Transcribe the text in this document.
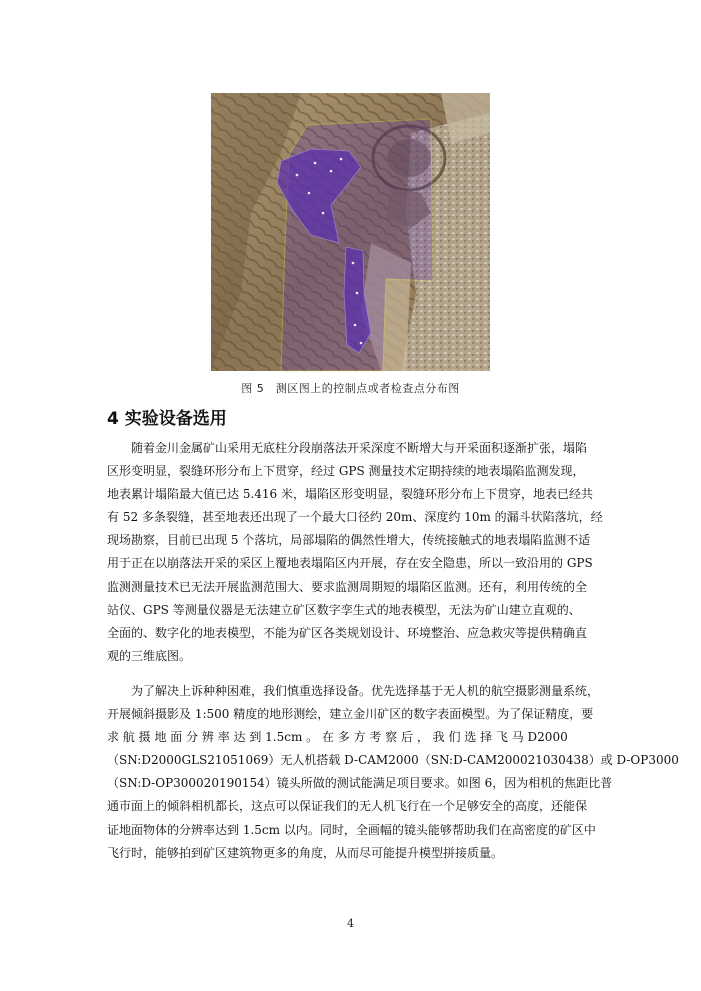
图 5　测区图上的控制点或者检查点分布图
4 实验设备选用
随着金川金属矿山采用无底柱分段崩落法开采深度不断增大与开采面积逐渐扩张，塌陷
区形变明显，裂缝环形分布上下贯穿，经过 GPS 测量技术定期持续的地表塌陷监测发现，
地表累计塌陷最大值已达 5.416 米，塌陷区形变明显，裂缝环形分布上下贯穿，地表已经共
有 52 多条裂缝，甚至地表还出现了一个最大口径约 20m、深度约 10m 的漏斗状陷落坑，经
现场勘察，目前已出现 5 个落坑，局部塌陷的偶然性增大，传统接触式的地表塌陷监测不适
用于正在以崩落法开采的采区上覆地表塌陷区内开展，存在安全隐患，所以一致沿用的 GPS
监测测量技术已无法开展监测范围大、要求监测周期短的塌陷区监测。还有，利用传统的全
站仪、GPS 等测量仪器是无法建立矿区数字孪生式的地表模型，无法为矿山建立直观的、
全面的、数字化的地表模型，不能为矿区各类规划设计、环境整治、应急救灾等提供精确直
观的三维底图。
为了解决上诉种种困难，我们慎重选择设备。优先选择基于无人机的航空摄影测量系统，
开展倾斜摄影及 1:500 精度的地形测绘，建立金川矿区的数字表面模型。为了保证精度，要
求 航 摄 地 面 分 辨 率 达 到 1.5cm 。 在 多 方 考 察 后 ， 我 们 选 择 飞 马 D2000
（SN:D2000GLS21051069）无人机搭载 D-CAM2000（SN:D-CAM200021030438）或 D-OP3000
（SN:D-OP300020190154）镜头所做的测试能满足项目要求。如图 6，因为相机的焦距比普
通市面上的倾斜相机都长，这点可以保证我们的无人机飞行在一个足够安全的高度，还能保
证地面物体的分辨率达到 1.5cm 以内。同时，全画幅的镜头能够帮助我们在高密度的矿区中
飞行时，能够拍到矿区建筑物更多的角度，从而尽可能提升模型拼接质量。
4
